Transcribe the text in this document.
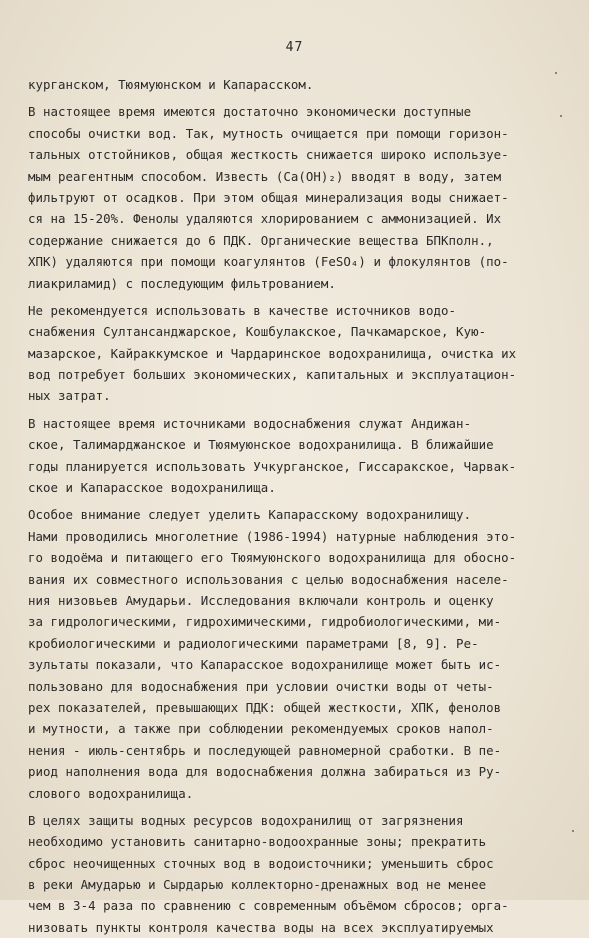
47
курганском, Тюямуюнском и Капарасском.
В настоящее время имеются достаточно экономически доступные
способы очистки вод. Так, мутность очищается при помощи горизон-
тальных отстойников, общая жесткость снижается широко используе-
мым реагентным способом. Известь (Са(ОН)₂) вводят в воду, затем
фильтруют от осадков. При этом общая минерализация воды снижает-
ся на 15-20%. Фенолы удаляются хлорированием с аммонизацией. Их
содержание снижается до 6 ПДК. Органические вещества БПКполн.,
ХПК) удаляются при помощи коагулянтов (FeSO₄) и флокулянтов (по-
лиакриламид) с последующим фильтрованием.
Не рекомендуется использовать в качестве источников водо-
снабжения Султансанджарское, Кошбулакское, Пачкамарское, Кую-
мазарское, Кайраккумское и Чардаринское водохранилища, очистка их
вод потребует больших экономических, капитальных и эксплуатацион-
ных затрат.
В настоящее время источниками водоснабжения служат Андижан-
ское, Талимарджанское и Тюямуюнское водохранилища. В ближайшие
годы планируется использовать Учкурганское, Гиссаракское, Чарвак-
ское и Капарасское водохранилища.
Особое внимание следует уделить Капарасскому водохранилищу.
Нами проводились многолетние (1986-1994) натурные наблюдения это-
го водоёма и питающего его Тюямуюнского водохранилища для обосно-
вания их совместного использования с целью водоснабжения населе-
ния низовьев Амударьи. Исследования включали контроль и оценку
за гидрологическими, гидрохимическими, гидробиологическими, ми-
кробиологическими и радиологическими параметрами [8, 9]. Ре-
зультаты показали, что Капарасское водохранилище может быть ис-
пользовано для водоснабжения при условии очистки воды от четы-
рех показателей, превышающих ПДК: общей жесткости, ХПК, фенолов
и мутности, а также при соблюдении рекомендуемых сроков напол-
нения - июль-сентябрь и последующей равномерной сработки. В пе-
риод наполнения вода для водоснабжения должна забираться из Ру-
слового водохранилища.
В целях защиты водных ресурсов водохранилищ от загрязнения
необходимо установить санитарно-водоохранные зоны; прекратить
сброс неочищенных сточных вод в водоисточники; уменьшить сброс
в реки Амударью и Сырдарью коллекторно-дренажных вод не менее
чем в 3-4 раза по сравнению с современным объёмом сбросов; орга-
низовать пункты контроля качества воды на всех эксплуатируемых
